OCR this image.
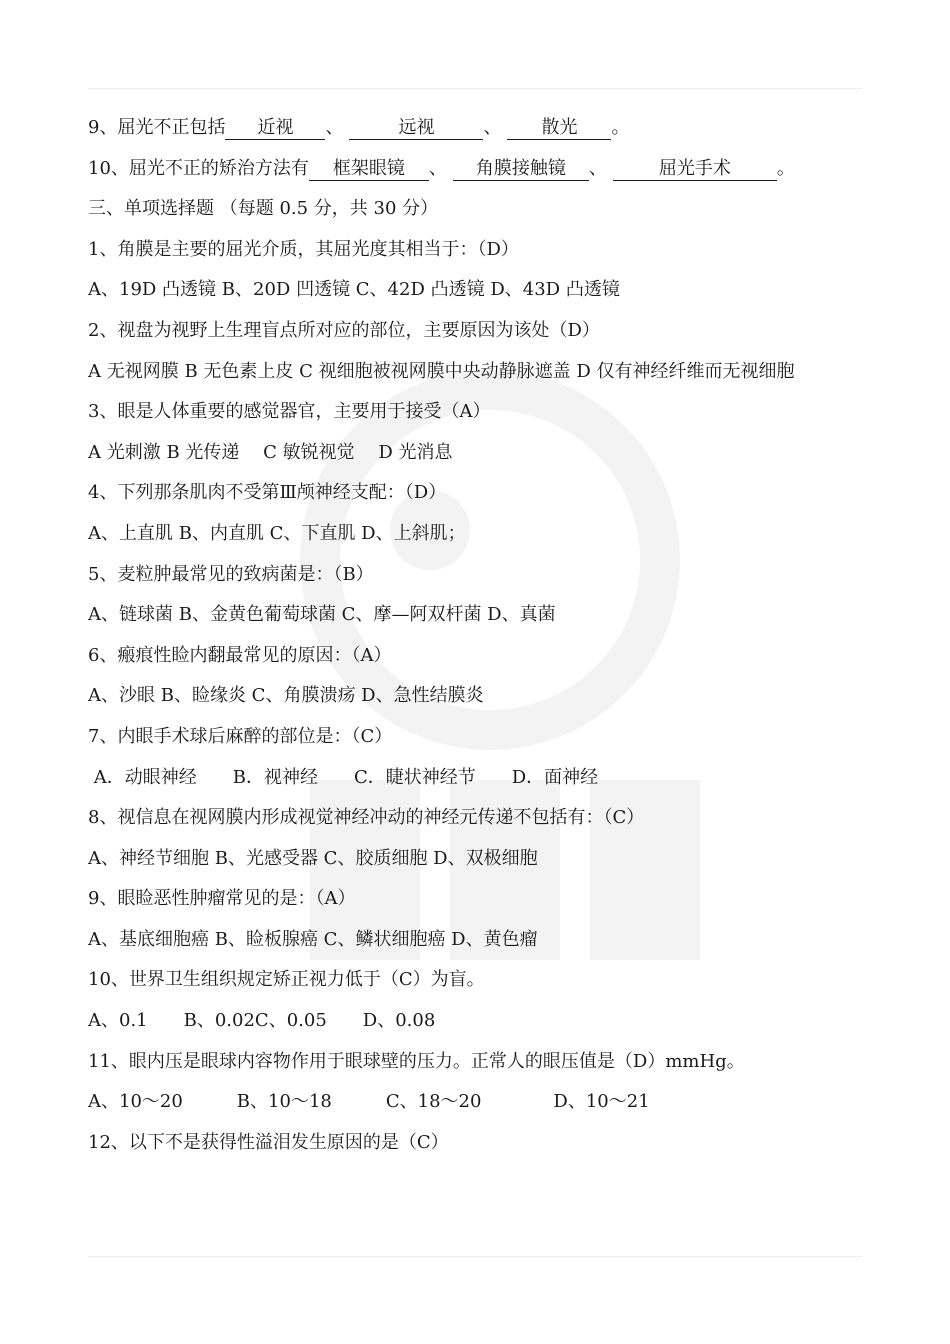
9、屈光不正包括 近视 、	远视	、 散光 。
10、屈光不正的矫治方法有 框架眼镜 、 角膜接触镜 、	屈光手术	。
三、单项选择题 （每题 0.5 分，共 30 分）
1、角膜是主要的屈光介质，其屈光度其相当于：（D）
A、19D 凸透镜 B、20D 凹透镜 C、42D 凸透镜 D、43D 凸透镜
2、视盘为视野上生理盲点所对应的部位，主要原因为该处（D）
A 无视网膜 B 无色素上皮 C 视细胞被视网膜中央动静脉遮盖 D 仅有神经纤维而无视细胞
3、眼是人体重要的感觉器官，主要用于接受（A）
A 光刺激 B 光传递　 C 敏锐视觉　 D 光消息
4、下列那条肌肉不受第Ⅲ颅神经支配：（D）
A、上直肌 B、内直肌 C、下直肌 D、上斜肌；
5、麦粒肿最常见的致病菌是：（B）
A、链球菌 B、金黄色葡萄球菌 C、摩—阿双杆菌 D、真菌
6、瘢痕性睑内翻最常见的原因：（A）
A、沙眼 B、睑缘炎 C、角膜溃疡 D、急性结膜炎
7、内眼手术球后麻醉的部位是：（C）
A．动眼神经　　B．视神经　　C．睫状神经节　　D．面神经
8、视信息在视网膜内形成视觉神经冲动的神经元传递不包括有：（C）
A、神经节细胞 B、光感受器 C、胶质细胞 D、双极细胞
9、眼睑恶性肿瘤常见的是：（A）
A、基底细胞癌 B、睑板腺癌 C、鳞状细胞癌 D、黄色瘤
10、世界卫生组织规定矫正视力低于（C）为盲。
A、0.1　　B、0.02C、0.05　　D、0.08
11、眼内压是眼球内容物作用于眼球壁的压力。正常人的眼压值是（D）mmHg。
A、10～20　　　B、10～18　　　C、18～20　　　　D、10～21
12、以下不是获得性溢泪发生原因的是（C）
